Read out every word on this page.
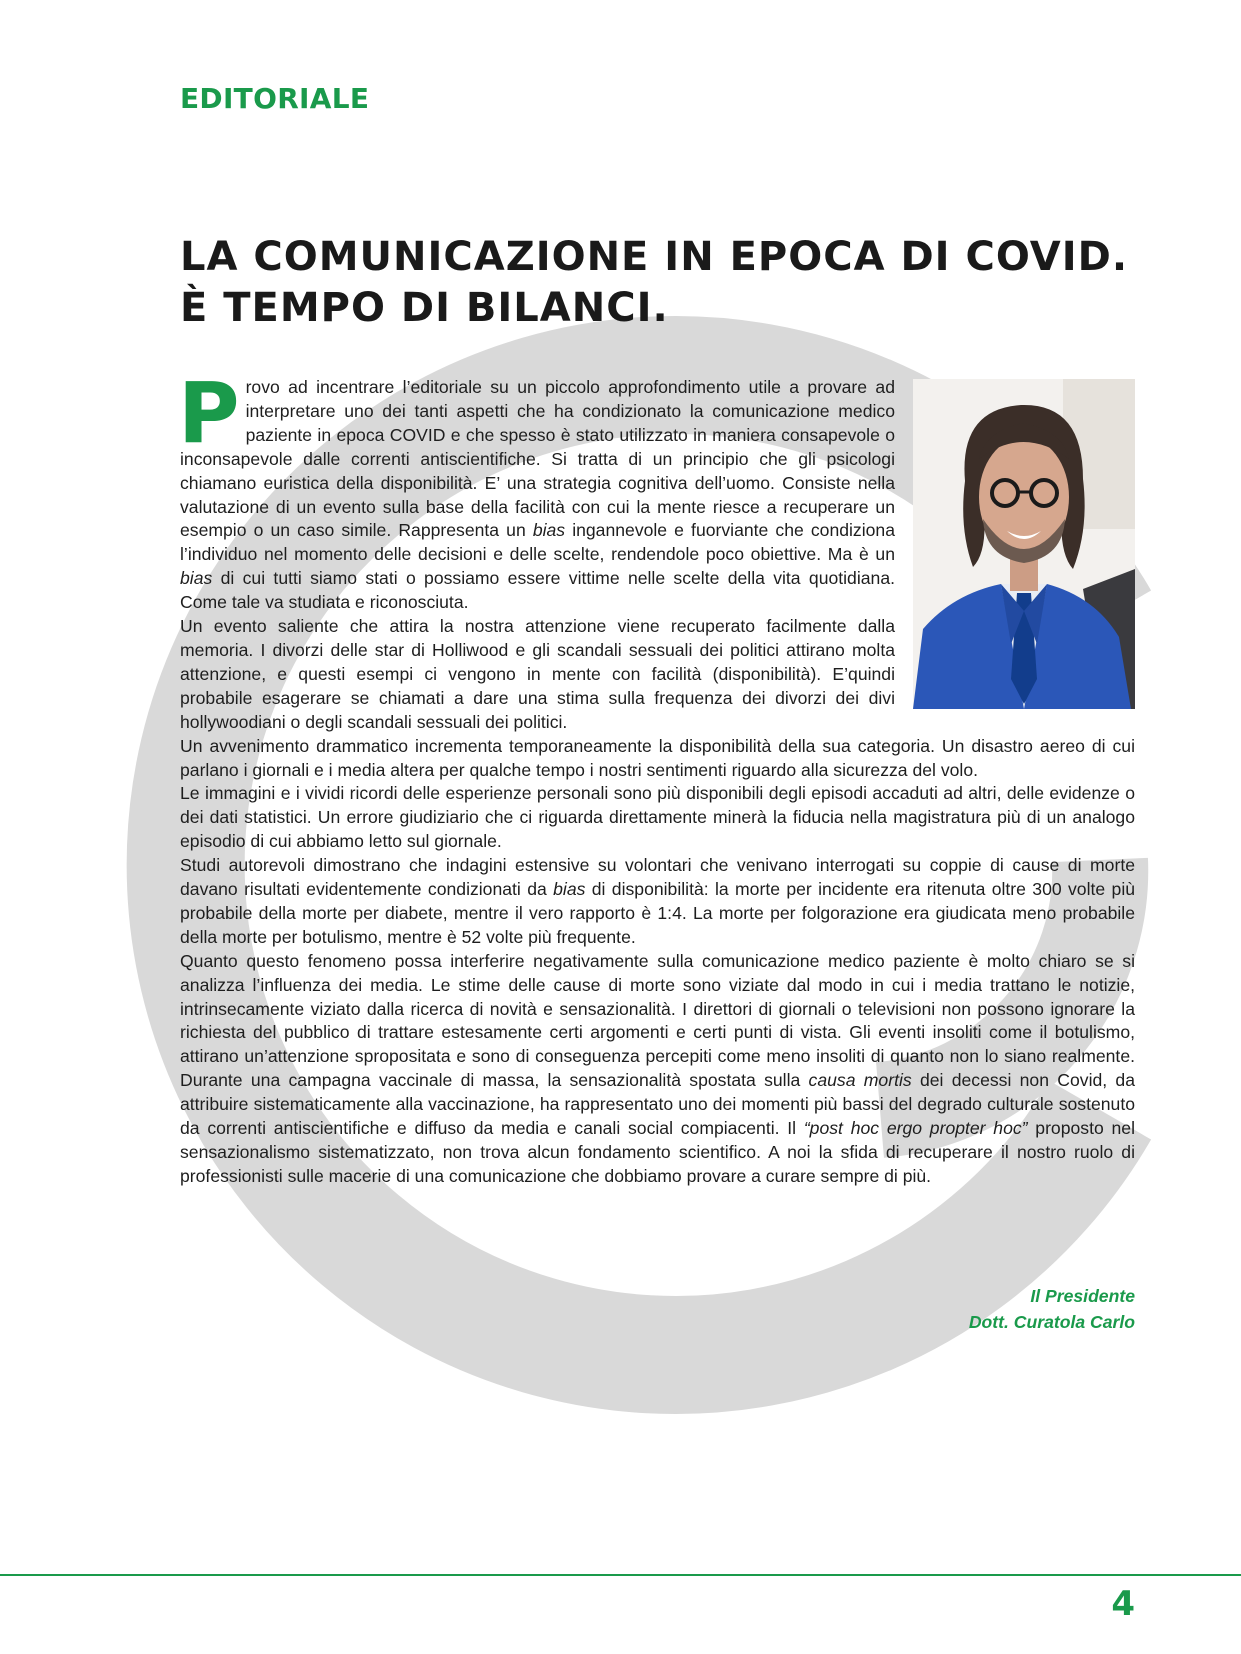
EDITORIALE
LA COMUNICAZIONE IN EPOCA DI COVID.
È TEMPO DI BILANCI.

Provo ad incentrare l’editoriale su un piccolo approfondimento utile a provare ad interpretare uno dei tanti aspetti che ha condizionato la comunicazione medico paziente in epoca COVID e che spesso è stato utilizzato in maniera consapevole o inconsapevole dalle correnti antiscientifiche. Si tratta di un principio che gli psicologi chiamano euristica della disponibilità. E’ una strategia cognitiva dell’uomo. Consiste nella valutazione di un evento sulla base della facilità con cui la mente riesce a recuperare un esempio o un caso simile. Rappresenta un bias ingannevole e fuorviante che condiziona l’individuo nel momento delle decisioni e delle scelte, rendendole poco obiettive. Ma è un bias di cui tutti siamo stati o possiamo essere vittime nelle scelte della vita quotidiana. Come tale va studiata e riconosciuta.

Un evento saliente che attira la nostra attenzione viene recuperato facilmente dalla memoria. I divorzi delle star di Holliwood e gli scandali sessuali dei politici attirano molta attenzione, e questi esempi ci vengono in mente con facilità (disponibilità). E’quindi probabile esagerare se chiamati a dare una stima sulla frequenza dei divorzi dei divi hollywoodiani o degli scandali sessuali dei politici.

Un avvenimento drammatico incrementa temporaneamente la disponibilità della sua categoria. Un disastro aereo di cui parlano i giornali e i media altera per qualche tempo i nostri sentimenti riguardo alla sicurezza del volo.

Le immagini e i vividi ricordi delle esperienze personali sono più disponibili degli episodi accaduti ad altri, delle evidenze o dei dati statistici. Un errore giudiziario che ci riguarda direttamente minerà la fiducia nella magistratura più di un analogo episodio di cui abbiamo letto sul giornale.

Studi autorevoli dimostrano che indagini estensive su volontari che venivano interrogati su coppie di cause di morte davano risultati evidentemente condizionati da bias di disponibilità: la morte per incidente era ritenuta oltre 300 volte più probabile della morte per diabete, mentre il vero rapporto è 1:4. La morte per folgorazione era giudicata meno probabile della morte per botulismo, mentre è 52 volte più frequente.

Quanto questo fenomeno possa interferire negativamente sulla comunicazione medico paziente è molto chiaro se si analizza l’influenza dei media. Le stime delle cause di morte sono viziate dal modo in cui i media trattano le notizie, intrinsecamente viziato dalla ricerca di novità e sensazionalità. I direttori di giornali o televisioni non possono ignorare la richiesta del pubblico di trattare estesamente certi argomenti e certi punti di vista. Gli eventi insoliti come il botulismo, attirano un’attenzione spropositata e sono di conseguenza percepiti come meno insoliti di quanto non lo siano realmente. Durante una campagna vaccinale di massa, la sensazionalità spostata sulla causa mortis dei decessi non Covid, da attribuire sistematicamente alla vaccinazione, ha rappresentato uno dei momenti più bassi del degrado culturale sostenuto da correnti antiscientifiche e diffuso da media e canali social compiacenti. Il “post hoc ergo propter hoc” proposto nel sensazionalismo sistematizzato, non trova alcun fondamento scientifico. A noi la sfida di recuperare il nostro ruolo di professionisti sulle macerie di una comunicazione che dobbiamo provare a curare sempre di più.

Il Presidente
Dott. Curatola Carlo
4
